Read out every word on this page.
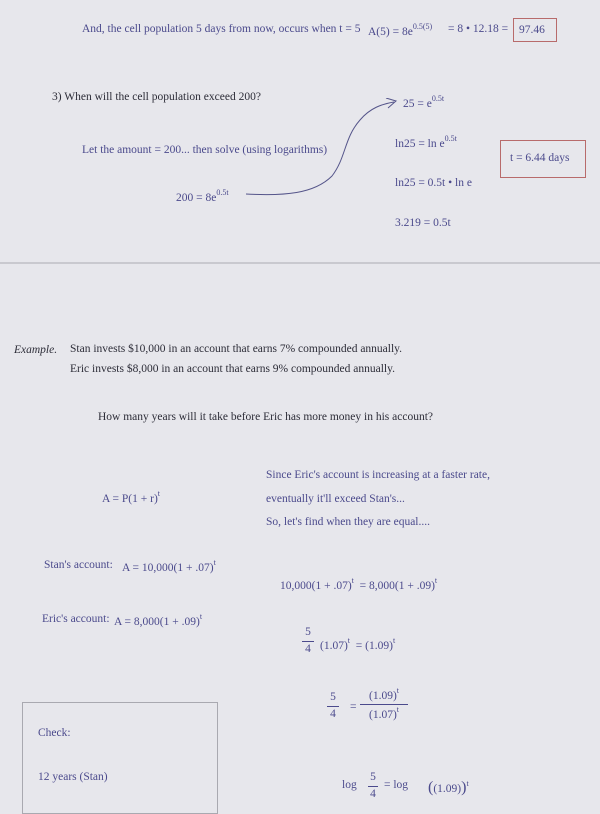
And, the cell population 5 days from now, occurs when t = 5 $A(5) = 8e^{0.5(5)} = 8$ • 12.18 = 97.46
3) When will the cell population exceed 200?
Let the amount = 200... then solve (using logarithms)
$200 = 8e^{0.5t}$
$25 = e^{0.5t}$
$\ln 25 = \ln e^{0.5t}$
ln25 = 0.5t • ln e
3.219 = 0.5t
t = 6.44 days
Example. Stan invests $10,000 in an account that earns 7% compounded annually.
Eric invests $8,000 in an account that earns 9% compounded annually.
How many years will it take before Eric has more money in his account?
$A = P(1 + r)^t$
Since Eric's account is increasing at a faster rate,
eventually it'll exceed Stan's...
So, let's find when they are equal....
Stan's account: $A = 10,000(1 + .07)^t$
Eric's account: $A = 8,000(1 + .09)^t$
$10,000(1 + .07)^t = 8,000(1 + .09)^t$
5
4 $(1.07)^t = (1.09)^t$
5
4
=
$(1.09)^t$
$(1.07)^t$
log
5
4
= $\log ((1.09))^t$
Check:
12 years (Stan)
